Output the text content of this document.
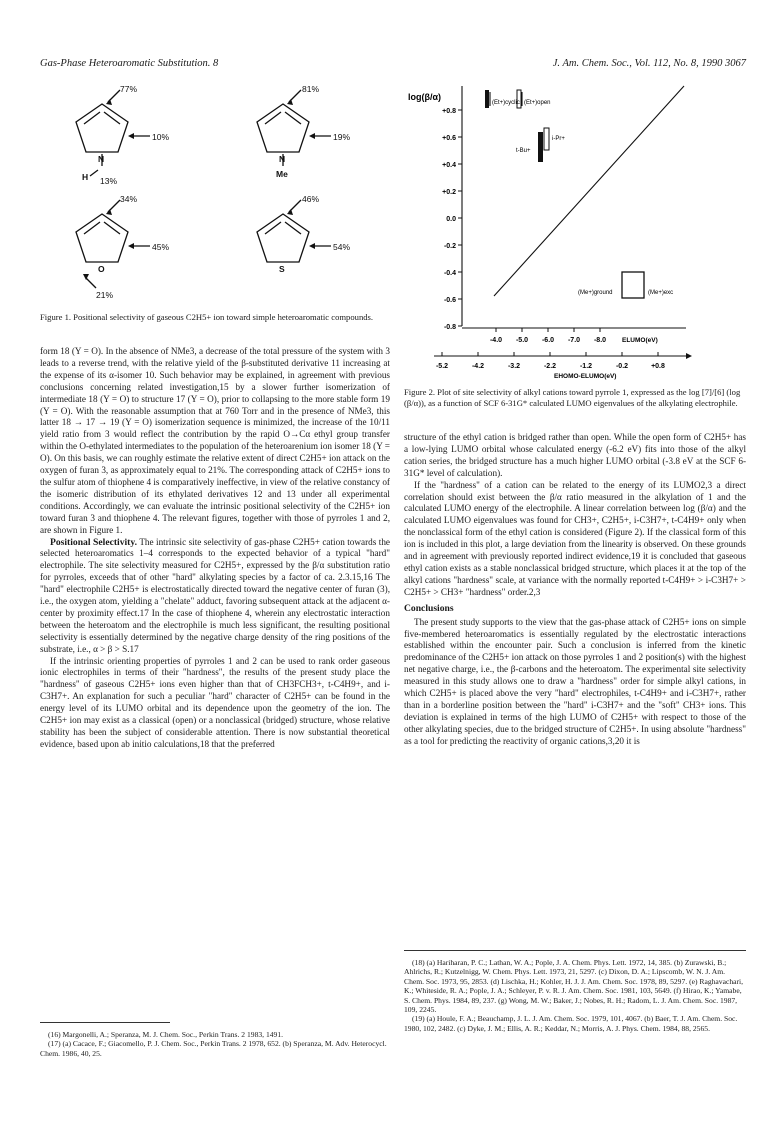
Gas-Phase Heteroaromatic Substitution. 8	J. Am. Chem. Soc., Vol. 112, No. 8, 1990 3067
77%
10%
N
H 13%
81%
19%
N
Me
34%
45%
O
21%
46%
54%
S
Figure 1. Positional selectivity of gaseous C2H5+ ion toward simple heteroaromatic compounds.

form 18 (Y = O). In the absence of NMe3, a decrease of the total pressure of the system with 3 leads to a reverse trend, with the relative yield of the β-substituted derivative 11 increasing at the expense of its α-isomer 10. Such behavior may be explained, in agreement with previous conclusions concerning related investigation,15 by a slower further isomerization of intermediate 18 (Y = O) to structure 17 (Y = O), prior to collapsing to the more stable form 19 (Y = O). With the reasonable assumption that at 760 Torr and in the presence of NMe3, this latter 18 → 17 → 19 (Y = O) isomerization sequence is minimized, the increase of the 10/11 yield ratio from 3 would reflect the contribution by the rapid O→Cα ethyl group transfer within the O-ethylated intermediates to the population of the heteroarenium ion isomer 18 (Y = O). On this basis, we can roughly estimate the relative extent of direct C2H5+ ion attack on the oxygen of furan 3, as approximately equal to 21%. The corresponding attack of C2H5+ ions to the sulfur atom of thiophene 4 is comparatively ineffective, in view of the relative constancy of the isomeric distribution of its ethylated derivatives 12 and 13 under all experimental conditions. Accordingly, we can evaluate the intrinsic positional selectivity of the C2H5+ ion toward furan 3 and thiophene 4. The relevant figures, together with those of pyrroles 1 and 2, are shown in Figure 1.

Positional Selectivity. The intrinsic site selectivity of gas-phase C2H5+ cation towards the selected heteroaromatics 1–4 corresponds to the expected behavior of a typical "hard" electrophile. The site selectivity measured for C2H5+, expressed by the β/α substitution ratio for pyrroles, exceeds that of other "hard" alkylating species by a factor of ca. 2.3.15,16 The "hard" electrophile C2H5+ is electrostatically directed toward the negative center of furan (3), i.e., the oxygen atom, yielding a "chelate" adduct, favoring subsequent attack at the adjacent α-center by proximity effect.17 In the case of thiophene 4, wherein any electrostatic interaction between the heteroatom and the electrophile is much less significant, the resulting positional selectivity is essentially determined by the negative charge density of the ring positions of the substrate, i.e., α > β > S.17

If the intrinsic orienting properties of pyrroles 1 and 2 can be used to rank order gaseous ionic electrophiles in terms of their "hardness", the results of the present study place the "hardness" of gaseous C2H5+ ions even higher than that of CH3FCH3+, t-C4H9+, and i-C3H7+. An explanation for such a peculiar "hard" character of C2H5+ can be found in the energy level of its LUMO orbital and its dependence upon the geometry of the ion. The C2H5+ ion may exist as a classical (open) or a nonclassical (bridged) structure, whose relative stability has been the subject of considerable attention. There is now substantial theoretical evidence, based upon ab initio calculations,18 that the preferred

(16) Margonelli, A.; Speranza, M. J. Chem. Soc., Perkin Trans. 2 1983, 1491.

(17) (a) Cacace, F.; Giacomello, P. J. Chem. Soc., Perkin Trans. 2 1978, 652. (b) Speranza, M. Adv. Heterocycl. Chem. 1986, 40, 25.

+0.8
+0.6
+0.4
+0.2
0.0
-0.2
-0.4
-0.6
-0.8
-4.0 -5.0 -6.0 -7.0 -8.0
-5.2	-4.2	-3.2	-2.2	-1.2	-0.2	+0.8
log(β/α)
(Et+)cyclic (Et+)open
t-Bu+
i-Pr+
(Me+)ground	(Me+)exc
ELUMO(eV)
EHOMO-ELUMO(eV)
Figure 2. Plot of site selectivity of alkyl cations toward pyrrole 1, expressed as the log [7]/[6] (log (β/α)), as a function of SCF 6-31G* calculated LUMO eigenvalues of the alkylating electrophile.

structure of the ethyl cation is bridged rather than open. While the open form of C2H5+ has a low-lying LUMO orbital whose calculated energy (-6.2 eV) fits into those of the alkyl cation series, the bridged structure has a much higher LUMO orbital (-3.8 eV at the SCF 6-31G* level of calculation).

If the "hardness" of a cation can be related to the energy of its LUMO2,3 a direct correlation should exist between the β/α ratio measured in the alkylation of 1 and the calculated LUMO energy of the electrophile. A linear correlation between log (β/α) and the calculated LUMO eigenvalues was found for CH3+, C2H5+, i-C3H7+, t-C4H9+ only when the nonclassical form of the ethyl cation is considered (Figure 2). If the classical form of this ion is included in this plot, a large deviation from the linearity is observed. On these grounds and in agreement with previously reported indirect evidence,19 it is concluded that gaseous ethyl cation exists as a stable nonclassical bridged structure, which places it at the top of the alkyl cations "hardness" scale, at variance with the normally reported t-C4H9+ > i-C3H7+ > C2H5+ > CH3+ "hardness" order.2,3

Conclusions

The present study supports to the view that the gas-phase attack of C2H5+ ions on simple five-membered heteroaromatics is essentially regulated by the electrostatic interactions established within the encounter pair. Such a conclusion is inferred from the kinetic predominance of the C2H5+ ion attack on those pyrroles 1 and 2 position(s) with the highest net negative charge, i.e., the β-carbons and the heteroatom. The experimental site selectivity measured in this study allows one to draw a "hardness" order for simple alkyl cations, in which C2H5+ is placed above the very "hard" electrophiles, t-C4H9+ and i-C3H7+, rather than in a borderline position between the "hard" i-C3H7+ and the "soft" CH3+ ions. This deviation is explained in terms of the high LUMO of C2H5+ with respect to those of the other alkylating species, due to the bridged structure of C2H5+. In using absolute "hardness" as a tool for predicting the reactivity of organic cations,3,20 it is

(18) (a) Hariharan, P. C.; Lathan, W. A.; Pople, J. A. Chem. Phys. Lett. 1972, 14, 385. (b) Zurawski, B.; Ahlrichs, R.; Kutzelnigg, W. Chem. Phys. Lett. 1973, 21, 5297. (c) Dixon, D. A.; Lipscomb, W. N. J. Am. Chem. Soc. 1973, 95, 2853. (d) Lischka, H.; Kohler, H. J. J. Am. Chem. Soc. 1978, 89, 5297. (e) Raghavachari, K.; Whiteside, R. A.; Pople, J. A.; Schleyer, P. v. R. J. Am. Chem. Soc. 1981, 103, 5649. (f) Hirao, K.; Yamabe, S. Chem. Phys. 1984, 89, 237. (g) Wong, M. W.; Baker, J.; Nobes, R. H.; Radom, L. J. Am. Chem. Soc. 1987, 109, 2245.

(19) (a) Houle, F. A.; Beauchamp, J. L. J. Am. Chem. Soc. 1979, 101, 4067. (b) Baer, T. J. Am. Chem. Soc. 1980, 102, 2482. (c) Dyke, J. M.; Ellis, A. R.; Keddar, N.; Morris, A. J. Phys. Chem. 1984, 88, 2565.
